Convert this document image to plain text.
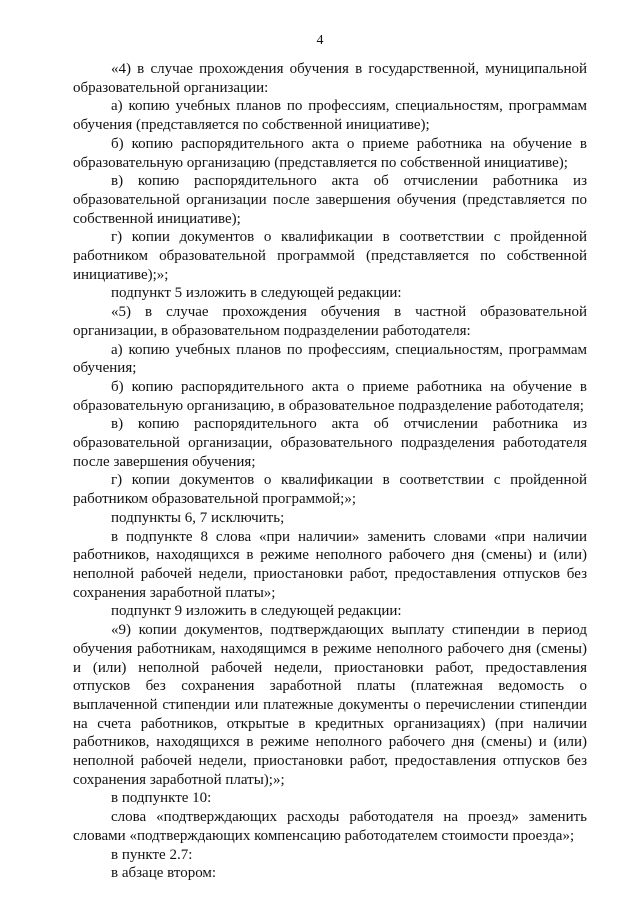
4

«4) в случае прохождения обучения в государственной, муниципальной образовательной организации:

а) копию учебных планов по профессиям, специальностям, программам обучения (представляется по собственной инициативе);

б) копию распорядительного акта о приеме работника на обучение в образовательную организацию (представляется по собственной инициативе);

в) копию распорядительного акта об отчислении работника из образовательной организации после завершения обучения (представляется по собственной инициативе);

г) копии документов о квалификации в соответствии с пройденной работником образовательной программой (представляется по собственной инициативе);»;

подпункт 5 изложить в следующей редакции:

«5) в случае прохождения обучения в частной образовательной организации, в образовательном подразделении работодателя:

а) копию учебных планов по профессиям, специальностям, программам обучения;

б) копию распорядительного акта о приеме работника на обучение в образовательную организацию, в образовательное подразделение работодателя;

в) копию распорядительного акта об отчислении работника из образовательной организации, образовательного подразделения работодателя после завершения обучения;

г) копии документов о квалификации в соответствии с пройденной работником образовательной программой;»;

подпункты 6, 7 исключить;

в подпункте 8 слова «при наличии» заменить словами «при наличии работников, находящихся в режиме неполного рабочего дня (смены) и (или) неполной рабочей недели, приостановки работ, предоставления отпусков без сохранения заработной платы»;

подпункт 9 изложить в следующей редакции:

«9) копии документов, подтверждающих выплату стипендии в период обучения работникам, находящимся в режиме неполного рабочего дня (смены) и (или) неполной рабочей недели, приостановки работ, предоставления отпусков без сохранения заработной платы (платежная ведомость о выплаченной стипендии или платежные документы о перечислении стипендии на счета работников, открытые в кредитных организациях) (при наличии работников, находящихся в режиме неполного рабочего дня (смены) и (или) неполной рабочей недели, приостановки работ, предоставления отпусков без сохранения заработной платы);»;

в подпункте 10:

слова «подтверждающих расходы работодателя на проезд» заменить словами «подтверждающих компенсацию работодателем стоимости проезда»;

в пункте 2.7:

в абзаце втором:
